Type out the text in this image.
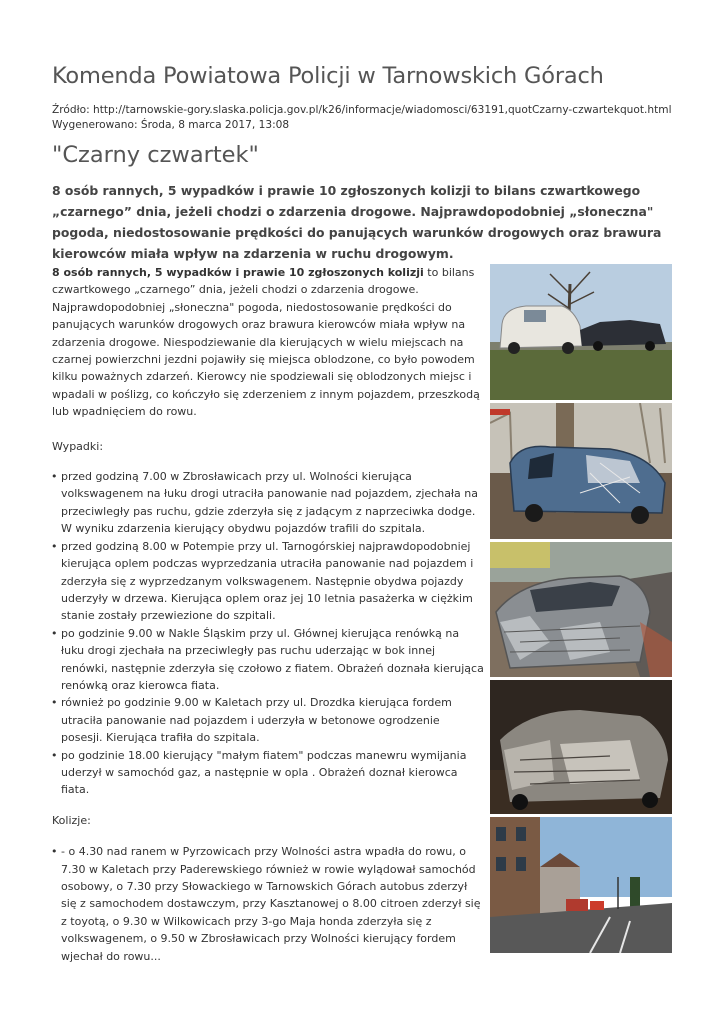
Komenda Powiatowa Policji w Tarnowskich Górach
Źródło: http://tarnowskie-gory.slaska.policja.gov.pl/k26/informacje/wiadomosci/63191,quotCzarny-czwartekquot.html
Wygenerowano: Środa, 8 marca 2017, 13:08
"Czarny czwartek"

8 osób rannych, 5 wypadków i prawie 10 zgłoszonych kolizji to bilans czwartkowego „czarnego” dnia, jeżeli chodzi o zdarzenia drogowe. Najprawdopodobniej „słoneczna" pogoda, niedostosowanie prędkości do panujących warunków drogowych oraz brawura kierowców miała wpływ na zdarzenia w ruchu drogowym.

8 osób rannych, 5 wypadków i prawie 10 zgłoszonych kolizji to bilans czwartkowego „czarnego” dnia, jeżeli chodzi o zdarzenia drogowe. Najprawdopodobniej „słoneczna" pogoda, niedostosowanie prędkości do panujących warunków drogowych oraz brawura kierowców miała wpływ na zdarzenia drogowe. Niespodziewanie dla kierujących w wielu miejscach na czarnej powierzchni jezdni pojawiły się miejsca oblodzone, co było powodem kilku poważnych zdarzeń. Kierowcy nie spodziewali się oblodzonych miejsc i wpadali w poślizg, co kończyło się zderzeniem z innym pojazdem, przeszkodą lub wpadnięciem do rowu.

Wypadki:

• przed godziną 7.00 w Zbrosławicach przy ul. Wolności kierująca volkswagenem na łuku drogi utraciła panowanie nad pojazdem, zjechała na przeciwległy pas ruchu, gdzie zderzyła się z jadącym z naprzeciwka dodge. W wyniku zdarzenia kierujący obydwu pojazdów trafili do szpitala.
• przed godziną 8.00 w Potempie przy ul. Tarnogórskiej najprawdopodobniej kierująca oplem podczas wyprzedzania utraciła panowanie nad pojazdem i zderzyła się z wyprzedzanym volkswagenem. Następnie obydwa pojazdy uderzyły w drzewa. Kierująca oplem oraz jej 10 letnia pasażerka w ciężkim stanie zostały przewiezione do szpitali.
• po godzinie 9.00 w Nakle Śląskim przy ul. Głównej kierująca renówką na łuku drogi zjechała na przeciwległy pas ruchu uderzając w bok innej renówki, następnie zderzyła się czołowo z fiatem. Obrażeń doznała kierująca renówką oraz kierowca fiata.
• również po godzinie 9.00 w Kaletach przy ul. Drozdka kierująca fordem utraciła panowanie nad pojazdem i uderzyła w betonowe ogrodzenie posesji. Kierująca trafiła do szpitala.
• po godzinie 18.00 kierujący "małym fiatem" podczas manewru wymijania uderzył w samochód gaz, a następnie w opla . Obrażeń doznał kierowca fiata.

Kolizje:

• - o 4.30 nad ranem w Pyrzowicach przy Wolności astra wpadła do rowu, o 7.30 w Kaletach przy Paderewskiego również w rowie wylądował samochód osobowy, o 7.30 przy Słowackiego w Tarnowskich Górach autobus zderzył się z samochodem dostawczym, przy Kasztanowej o 8.00 citroen zderzył się z toyotą, o 9.30 w Wilkowicach przy 3-go Maja honda zderzyła się z volkswagenem, o 9.50 w Zbrosławicach przy Wolności kierujący fordem wjechał do rowu...
